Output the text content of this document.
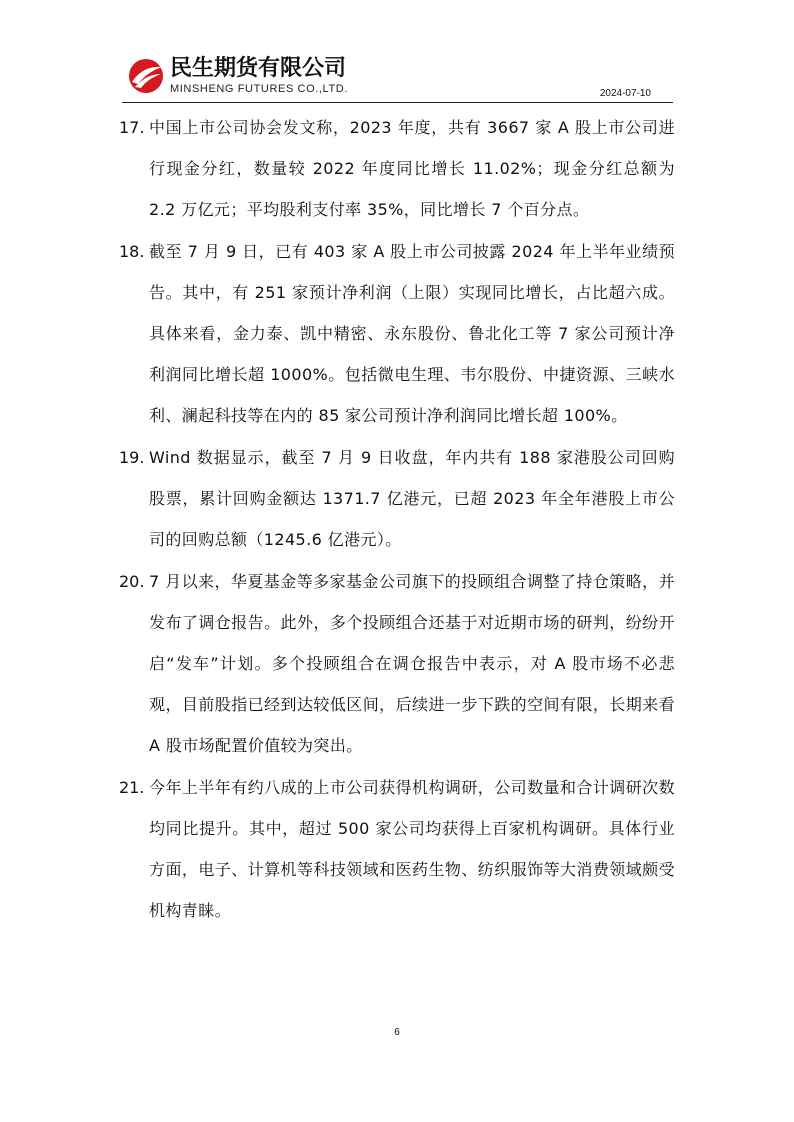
民生期货有限公司
MINSHENG FUTURES CO.,LTD.	2024-07-10
17. 中国上市公司协会发文称，2023 年度，共有 3667 家 A 股上市公司进行现金分红，数量较 2022 年度同比增长 11.02%；现金分红总额为 2.2 万亿元；平均股利支付率 35%，同比增长 7 个百分点。
18. 截至 7 月 9 日，已有 403 家 A 股上市公司披露 2024 年上半年业绩预告。其中，有 251 家预计净利润（上限）实现同比增长，占比超六成。具体来看，金力泰、凯中精密、永东股份、鲁北化工等 7 家公司预计净利润同比增长超 1000%。包括微电生理、韦尔股份、中捷资源、三峡水利、澜起科技等在内的 85 家公司预计净利润同比增长超 100%。
19. Wind 数据显示，截至 7 月 9 日收盘，年内共有 188 家港股公司回购股票，累计回购金额达 1371.7 亿港元，已超 2023 年全年港股上市公司的回购总额（1245.6 亿港元）。
20. 7 月以来，华夏基金等多家基金公司旗下的投顾组合调整了持仓策略，并发布了调仓报告。此外，多个投顾组合还基于对近期市场的研判，纷纷开启“发车”计划。多个投顾组合在调仓报告中表示，对 A 股市场不必悲观，目前股指已经到达较低区间，后续进一步下跌的空间有限，长期来看 A 股市场配置价值较为突出。
21. 今年上半年有约八成的上市公司获得机构调研，公司数量和合计调研次数均同比提升。其中，超过 500 家公司均获得上百家机构调研。具体行业方面，电子、计算机等科技领域和医药生物、纺织服饰等大消费领域颇受机构青睐。
6
